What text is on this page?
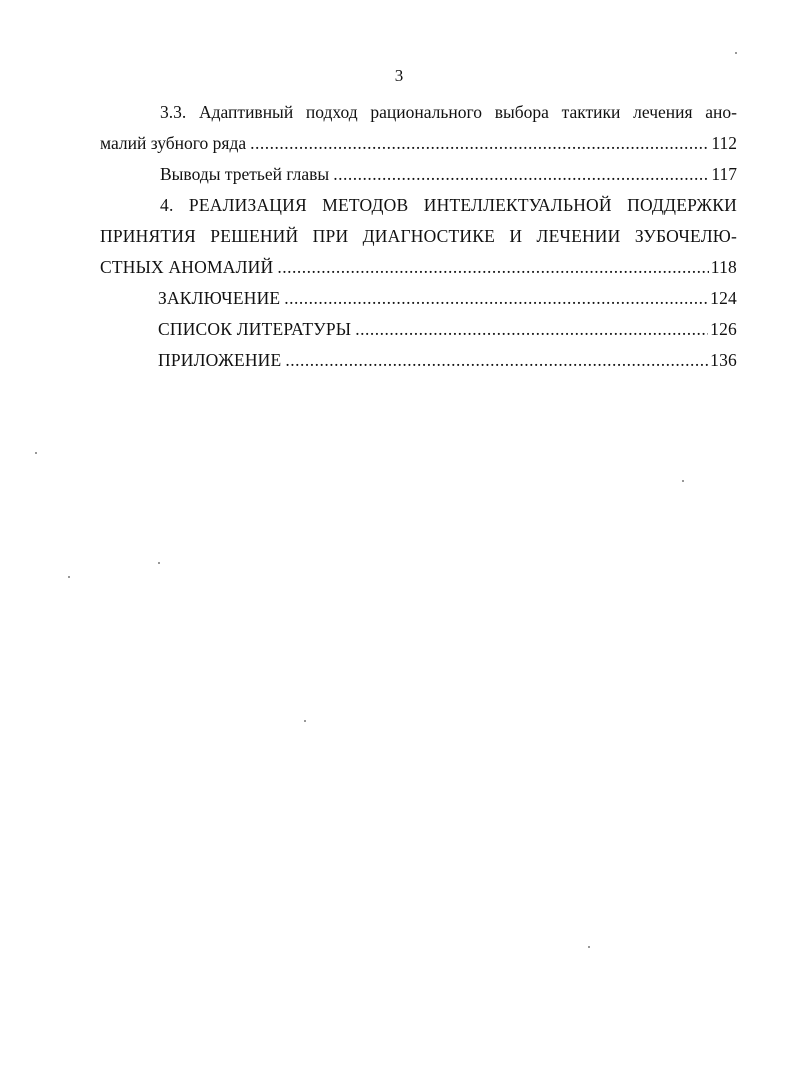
3
3.3. Адаптивный подход рационального выбора тактики лечения ано-
малий зубного ряда .....	112
Выводы третьей главы .....	117
4. РЕАЛИЗАЦИЯ МЕТОДОВ ИНТЕЛЛЕКТУАЛЬНОЙ ПОДДЕРЖКИ
ПРИНЯТИЯ РЕШЕНИЙ ПРИ ДИАГНОСТИКЕ И ЛЕЧЕНИИ ЗУБОЧЕЛЮ-
СТНЫХ АНОМАЛИЙ .....	118
ЗАКЛЮЧЕНИЕ .....	124
СПИСОК ЛИТЕРАТУРЫ .....	126
ПРИЛОЖЕНИЕ .....	136
